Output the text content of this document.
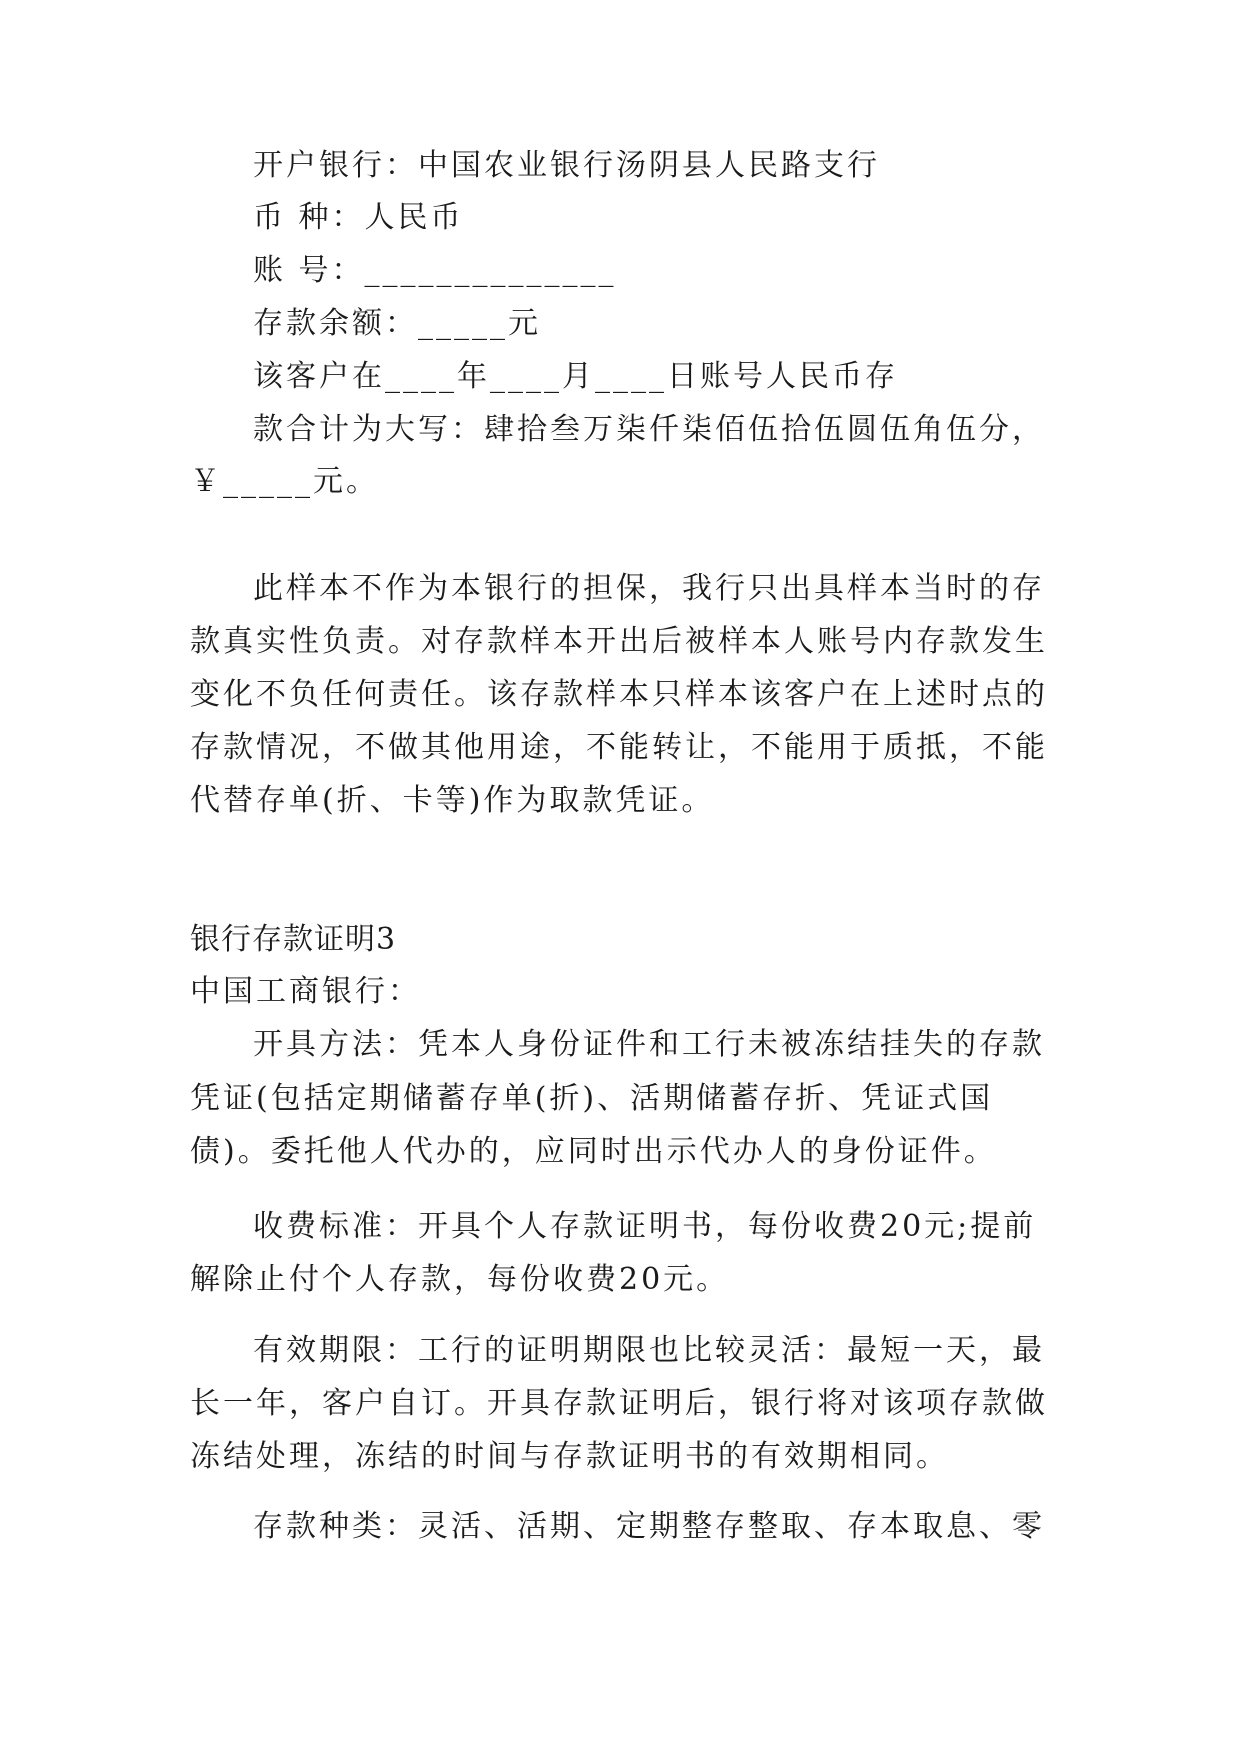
开户银行：中国农业银行汤阴县人民路支行
币 种：人民币
账 号：______________
存款余额：_____元
该客户在____年____月____日账号人民币存
款合计为大写：肆拾叁万柒仟柒佰伍拾伍圆伍角伍分，
￥_____元。
此样本不作为本银行的担保，我行只出具样本当时的存
款真实性负责。对存款样本开出后被样本人账号内存款发生
变化不负任何责任。该存款样本只样本该客户在上述时点的
存款情况，不做其他用途，不能转让，不能用于质抵，不能
代替存单(折、卡等)作为取款凭证。
银行存款证明3
中国工商银行：
开具方法：凭本人身份证件和工行未被冻结挂失的存款
凭证(包括定期储蓄存单(折)、活期储蓄存折、凭证式国
债)。委托他人代办的，应同时出示代办人的身份证件。
收费标准：开具个人存款证明书，每份收费20元;提前
解除止付个人存款，每份收费20元。
有效期限：工行的证明期限也比较灵活：最短一天，最
长一年，客户自订。开具存款证明后，银行将对该项存款做
冻结处理，冻结的时间与存款证明书的有效期相同。
存款种类：灵活、活期、定期整存整取、存本取息、零
